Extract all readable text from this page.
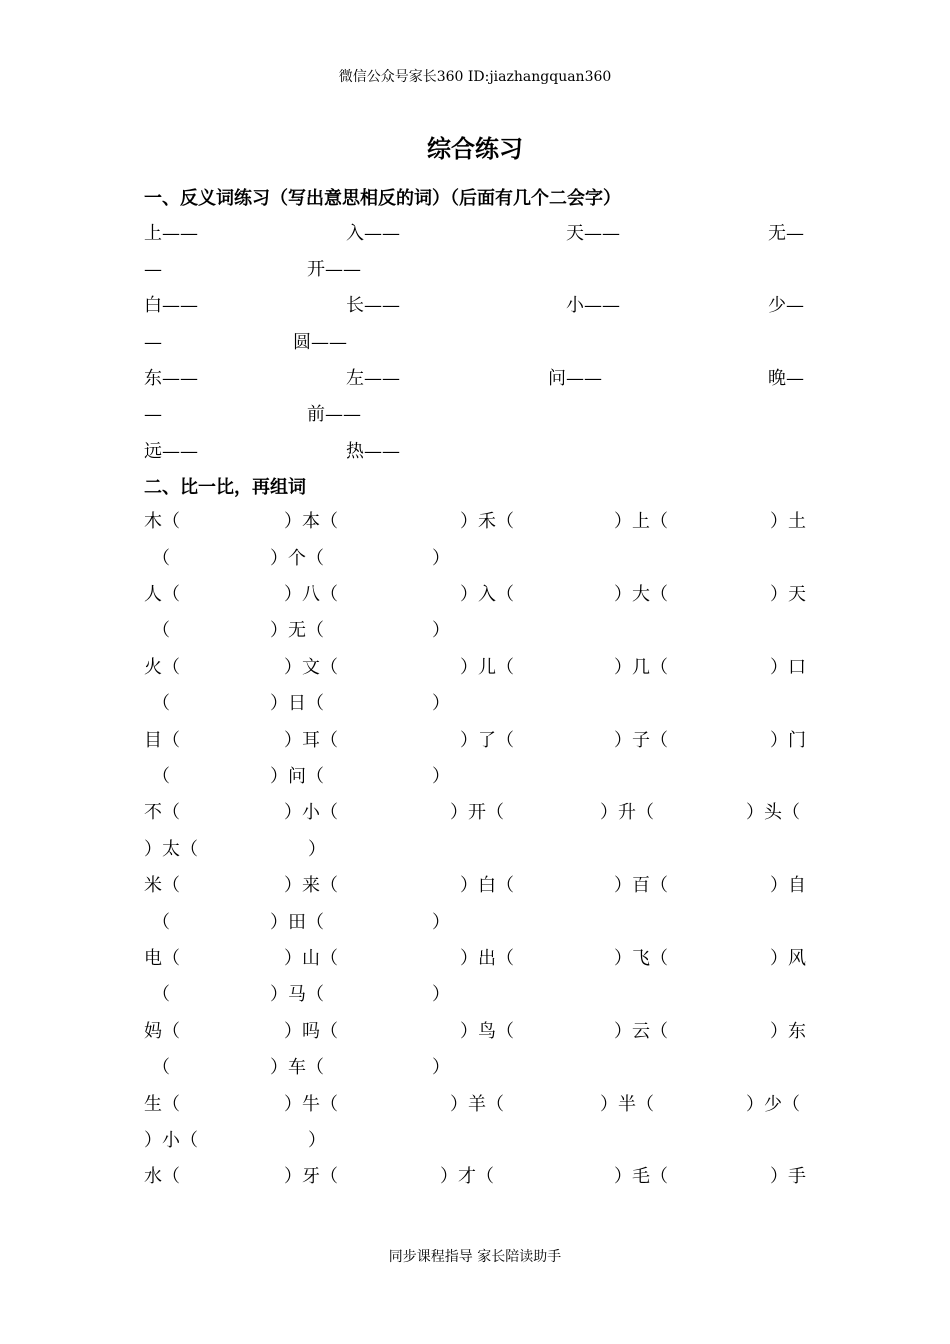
微信公众号家长360 ID:jiazhangquan360
综合练习
一、反义词练习（写出意思相反的词）（后面有几个二会字）
上——	入——	天——	无—
—	开——
白——	长——	小——	少—
—	圆——
东——	左——	问——	晚—
—	前——
远——	热——
二、比一比，再组词
木（	）本（	）禾（	）上（	）土
（	）个（	）
人（	）八（	）入（	）大（	）天
（	）无（	）
火（	）文（	）儿（	）几（	）口
（	）日（	）
目（	）耳（	）了（	）子（	）门
（	）问（	）
不（	）小（	）开（	）升（	）头（
）太（	）
米（	）来（	）白（	）百（	）自
（	）田（	）
电（	）山（	）出（	）飞（	）风
（	）马（	）
妈（	）吗（	）鸟（	）云（	）东
（	）车（	）
生（	）牛（	）羊（	）半（	）少（
）小（	）
水（	）牙（	）才（	）毛（	）手
同步课程指导 家长陪读助手
